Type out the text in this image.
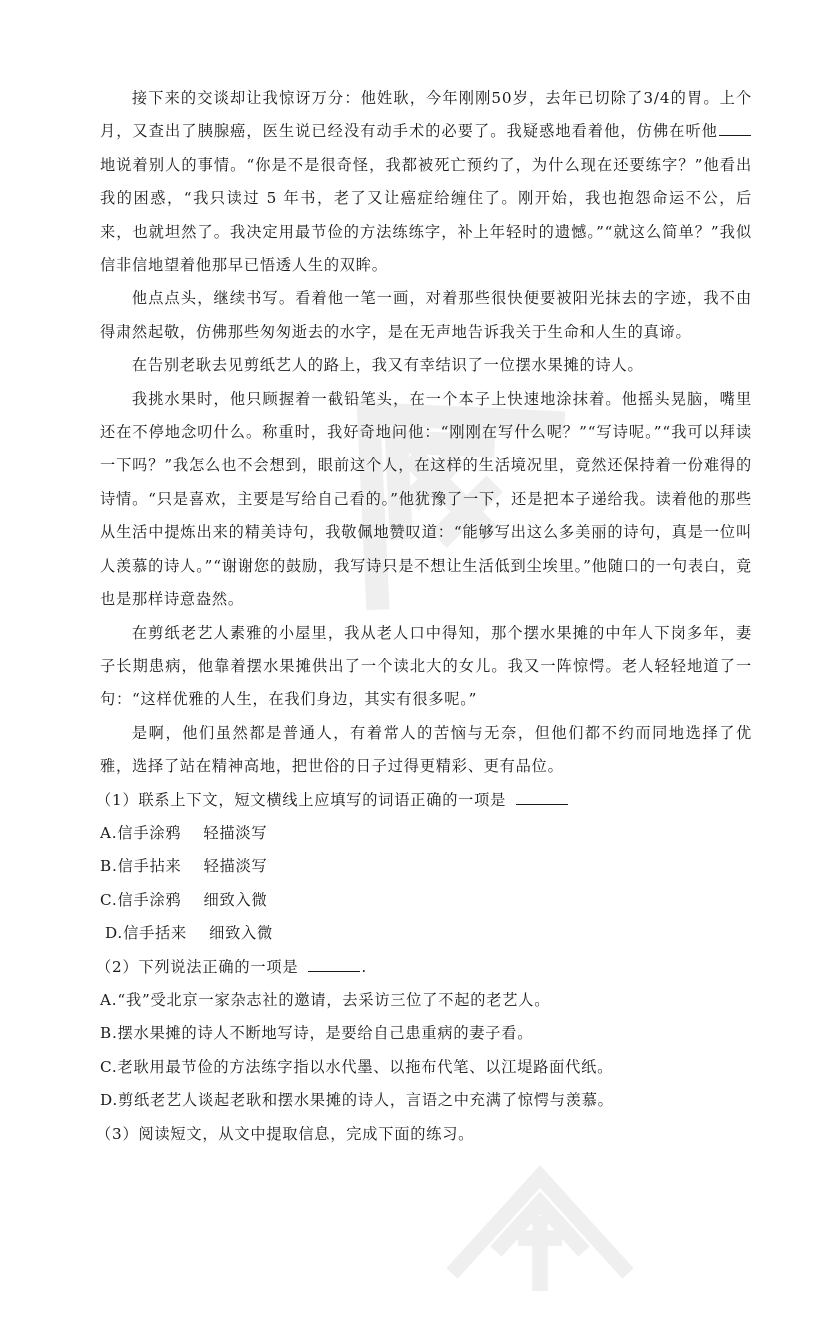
接下来的交谈却让我惊讶万分：他姓耿，今年刚刚50岁，去年已切除了3/4的胃。上个月，又查出了胰腺癌，医生说已经没有动手术的必要了。我疑惑地看着他，仿佛在听他地说着别人的事情。“你是不是很奇怪，我都被死亡预约了，为什么现在还要练字？”他看出我的困惑，“我只读过 5 年书，老了又让癌症给缠住了。刚开始，我也抱怨命运不公，后来，也就坦然了。我决定用最节俭的方法练练字，补上年轻时的遗憾。”“就这么简单？”我似信非信地望着他那早已悟透人生的双眸。

他点点头，继续书写。看着他一笔一画，对着那些很快便要被阳光抹去的字迹，我不由得肃然起敬，仿佛那些匆匆逝去的水字，是在无声地告诉我关于生命和人生的真谛。

在告别老耿去见剪纸艺人的路上，我又有幸结识了一位摆水果摊的诗人。

我挑水果时，他只顾握着一截铅笔头，在一个本子上快速地涂抹着。他摇头晃脑，嘴里还在不停地念叨什么。称重时，我好奇地问他：“刚刚在写什么呢？”“写诗呢。”“我可以拜读一下吗？”我怎么也不会想到，眼前这个人，在这样的生活境况里，竟然还保持着一份难得的诗情。“只是喜欢，主要是写给自己看的。”他犹豫了一下，还是把本子递给我。读着他的那些从生活中提炼出来的精美诗句，我敬佩地赞叹道：“能够写出这么多美丽的诗句，真是一位叫人羡慕的诗人。”“谢谢您的鼓励，我写诗只是不想让生活低到尘埃里。”他随口的一句表白，竟也是那样诗意盎然。

在剪纸老艺人素雅的小屋里，我从老人口中得知，那个摆水果摊的中年人下岗多年，妻子长期患病，他靠着摆水果摊供出了一个读北大的女儿。我又一阵惊愕。老人轻轻地道了一句：“这样优雅的人生，在我们身边，其实有很多呢。”

是啊，他们虽然都是普通人，有着常人的苦恼与无奈，但他们都不约而同地选择了优雅，选择了站在精神高地，把世俗的日子过得更精彩、更有品位。

（1）联系上下文，短文横线上应填写的词语正确的一项是

A.信手涂鸦 轻描淡写

B.信手拈来 轻描淡写

C.信手涂鸦 细致入微

D.信手括来 细致入微

（2）下列说法正确的一项是	.

A.“我”受北京一家杂志社的邀请，去采访三位了不起的老艺人。

B.摆水果摊的诗人不断地写诗，是要给自己患重病的妻子看。

C.老耿用最节俭的方法练字指以水代墨、以拖布代笔、以江堤路面代纸。

D.剪纸老艺人谈起老耿和摆水果摊的诗人，言语之中充满了惊愕与羡慕。

（3）阅读短文，从文中提取信息，完成下面的练习。
